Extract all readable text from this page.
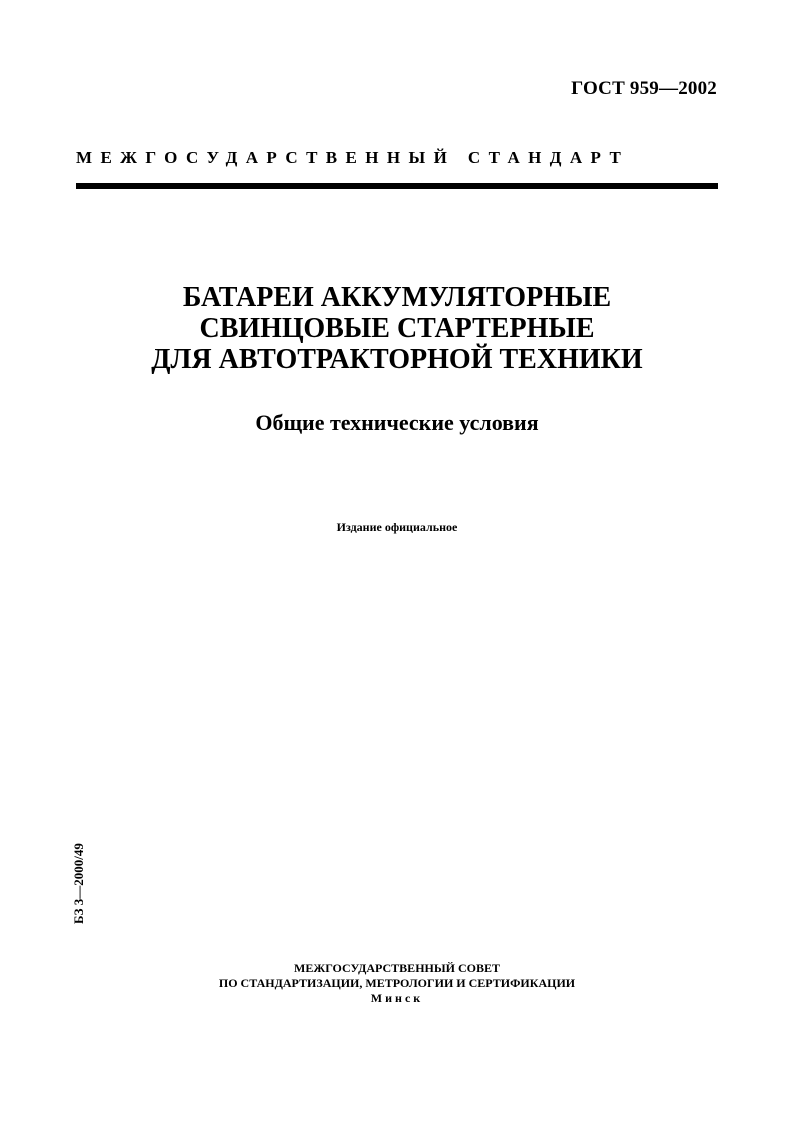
ГОСТ 959—2002
МЕЖГОСУДАРСТВЕННЫЙ СТАНДАРТ
БАТАРЕИ АККУМУЛЯТОРНЫЕ
СВИНЦОВЫЕ СТАРТЕРНЫЕ
ДЛЯ АВТОТРАКТОРНОЙ ТЕХНИКИ
Общие технические условия
Издание официальное
БЗ 3—2000/49
МЕЖГОСУДАРСТВЕННЫЙ СОВЕТ
ПО СТАНДАРТИЗАЦИИ, МЕТРОЛОГИИ И СЕРТИФИКАЦИИ
Минск
